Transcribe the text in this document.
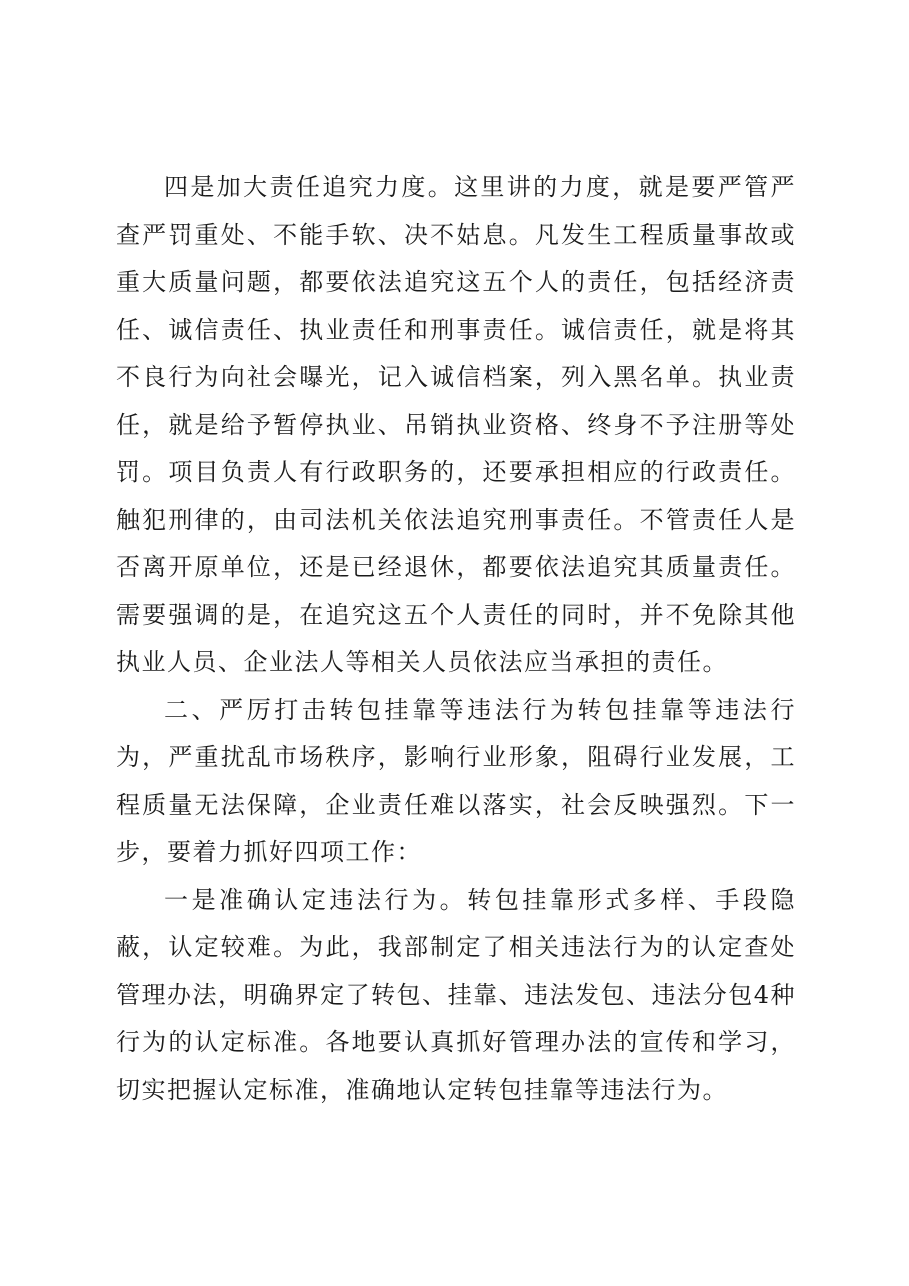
四是加大责任追究力度。这里讲的力度，就是要严管严查严罚重处、不能手软、决不姑息。凡发生工程质量事故或重大质量问题，都要依法追究这五个人的责任，包括经济责任、诚信责任、执业责任和刑事责任。诚信责任，就是将其不良行为向社会曝光，记入诚信档案，列入黑名单。执业责任，就是给予暂停执业、吊销执业资格、终身不予注册等处罚。项目负责人有行政职务的，还要承担相应的行政责任。触犯刑律的，由司法机关依法追究刑事责任。不管责任人是否离开原单位，还是已经退休，都要依法追究其质量责任。需要强调的是，在追究这五个人责任的同时，并不免除其他执业人员、企业法人等相关人员依法应当承担的责任。

二、严厉打击转包挂靠等违法行为转包挂靠等违法行为，严重扰乱市场秩序，影响行业形象，阻碍行业发展，工程质量无法保障，企业责任难以落实，社会反映强烈。下一步，要着力抓好四项工作：

一是准确认定违法行为。转包挂靠形式多样、手段隐蔽，认定较难。为此，我部制定了相关违法行为的认定查处管理办法，明确界定了转包、挂靠、违法发包、违法分包4种行为的认定标准。各地要认真抓好管理办法的宣传和学习，切实把握认定标准，准确地认定转包挂靠等违法行为。
